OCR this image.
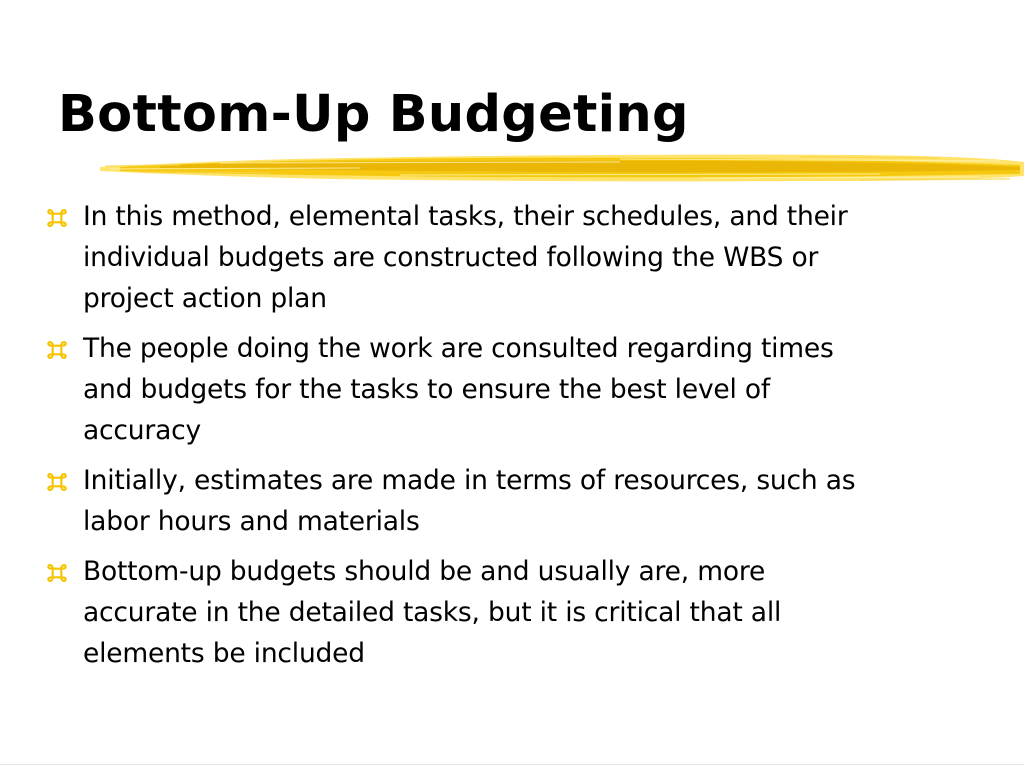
Bottom-Up Budgeting
In this method, elemental tasks, their schedules, and their individual budgets are constructed following the WBS or project action plan
The people doing the work are consulted regarding times and budgets for the tasks to ensure the best level of accuracy
Initially, estimates are made in terms of resources, such as labor hours and materials
Bottom-up budgets should be and usually are, more accurate in the detailed tasks, but it is critical that all elements be included
